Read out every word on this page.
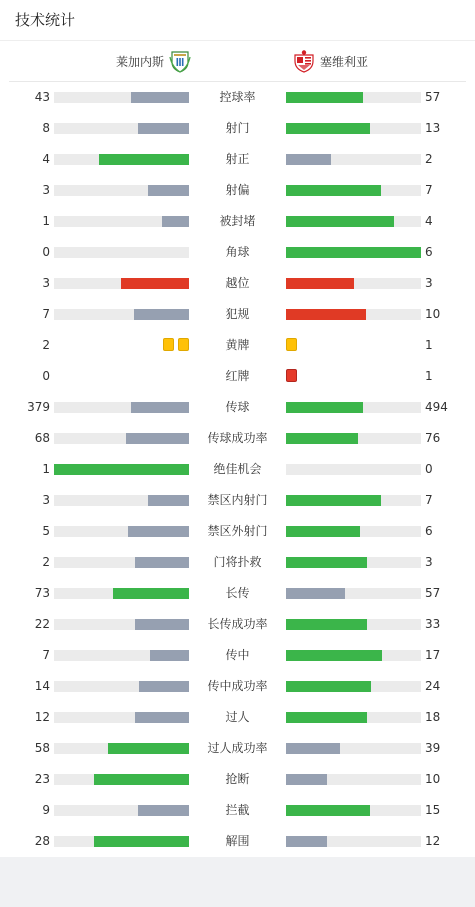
技术统计
莱加内斯	塞维利亚
43	控球率	57
8	射门	13
4	射正	2
3	射偏	7
1	被封堵	4
0	角球	6
3	越位	3
7	犯规	10
2	黄牌	1
0	红牌	1
379	传球	494
68	传球成功率	76
1	绝佳机会	0
3	禁区内射门	7
5	禁区外射门	6
2	门将扑救	3
73	长传	57
22	长传成功率	33
7	传中	17
14	传中成功率	24
12	过人	18
58	过人成功率	39
23	抢断	10
9	拦截	15
28	解围	12
